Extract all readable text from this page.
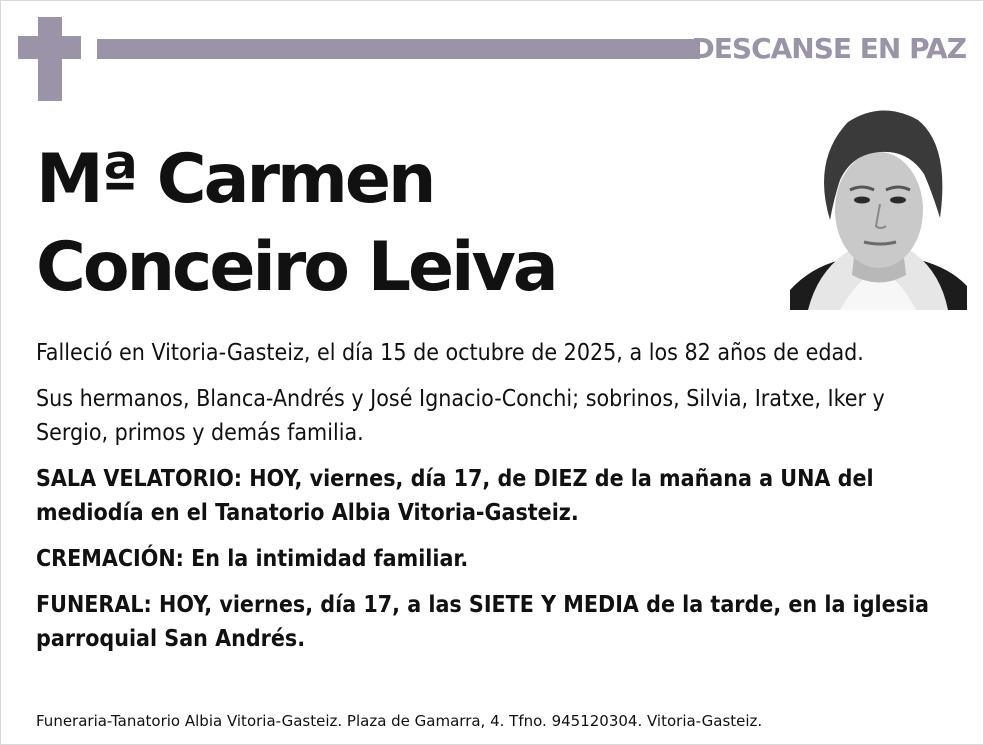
DESCANSE EN PAZ
Mª Carmen
Conceiro Leiva

Falleció en Vitoria-Gasteiz, el día 15 de octubre de 2025, a los 82 años de edad.

Sus hermanos, Blanca-Andrés y José Ignacio-Conchi; sobrinos, Silvia, Iratxe, Iker y Sergio, primos y demás familia.

SALA VELATORIO: HOY, viernes, día 17, de DIEZ de la mañana a UNA del mediodía en el Tanatorio Albia Vitoria-Gasteiz.

CREMACIÓN: En la intimidad familiar.

FUNERAL: HOY, viernes, día 17, a las SIETE Y MEDIA de la tarde, en la iglesia parroquial San Andrés.

Funeraria-Tanatorio Albia Vitoria-Gasteiz. Plaza de Gamarra, 4. Tfno. 945120304. Vitoria-Gasteiz.
